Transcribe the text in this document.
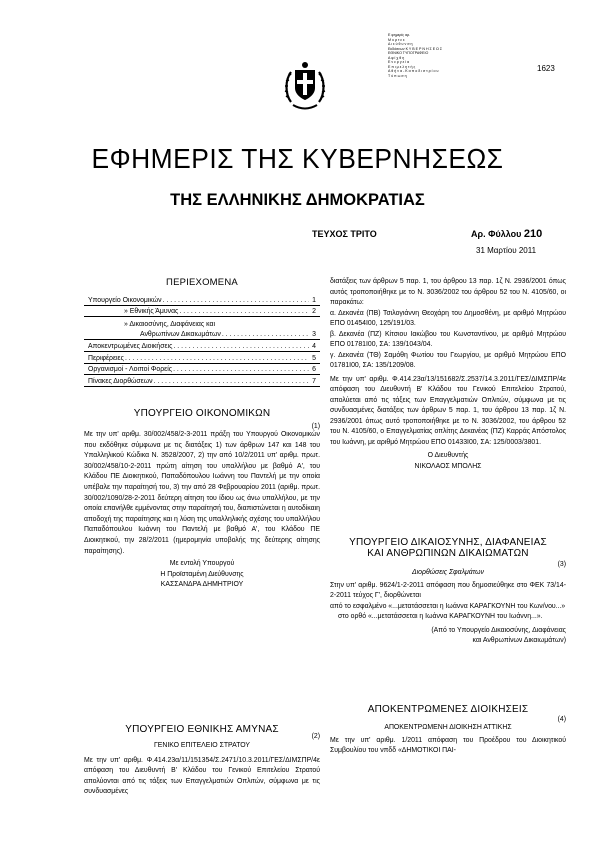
Ε φημερίς αρ.
Μ υ ρ τ ε ε
Δ ι ε ύ θ υ ν σ η
Εκδόσεων Κ Υ Β Ε Ρ Ν Η Σ Ε Ω Σ
ΕΘΝΙΚΟ ΤΥΠΟΓΡΑΦΕΙΟ
Α φ ί χ θ η
Ε ν ε ρ γ ε ί α
Ε π ι μ ε λ η τ ή ς
Α θ ή ν α - Κ α π ο δ ι σ τ ρ ί ο υ
Τ ύ π ω σ η
1623
ΕΦΗΜΕΡΙΣ ΤΗΣ ΚΥΒΕΡΝΗΣΕΩΣ
ΤΗΣ ΕΛΛΗΝΙΚΗΣ ΔΗΜΟΚΡΑΤΙΑΣ
ΤΕΥΧΟΣ ΤΡΙΤΟ	Αρ. Φύλλου 210
31 Μαρτίου 2011
ΠΕΡΙΕΧΟΜΕΝΑ
Υπουργείο Οικονομικών . . .	1
» Εθνικής Άμυνας . . .	2
» Δικαιοσύνης, Διαφάνειας και
Ανθρωπίνων Δικαιωμάτων . . .	3
Αποκεντρωμένες Διοικήσεις . . .	4
Περιφέρειες . . .	5
Οργανισμοί - Λοιποί Φορείς . . .	6
Πίνακες Διορθώσεων . . .	7
ΥΠΟΥΡΓΕΙΟ ΟΙΚΟΝΟΜΙΚΩΝ
(1)
Με την υπ' αριθμ. 30/002/458/2-3-2011 πράξη του Υπουργού Οικονομικών που εκδόθηκε σύμφωνα με τις διατάξεις 1) των άρθρων 147 και 148 του Υπαλληλικού Κώδικα Ν. 3528/2007, 2) την από 10/2/2011 υπ' αριθμ. πρωτ. 30/002/458/10-2-2011 πρώτη αίτηση του υπαλλήλου με βαθμό Α', του Κλάδου ΠΕ Διοικητικού, Παπαδόπουλου Ιωάννη του Παντελή με την οποία υπέβαλε την παραίτησή του, 3) την από 28 Φεβρουαρίου 2011 (αριθμ. πρωτ. 30/002/1090/28-2-2011 δεύτερη αίτηση του ίδιου ως άνω υπαλλήλου, με την οποία επανήλθε εμμένοντας στην παραίτησή του, διαπιστώνεται η αυτοδίκαιη αποδοχή της παραίτησης και η λύση της υπαλληλικής σχέσης του υπαλλήλου Παπαδόπουλου Ιωάννη του Παντελή με βαθμό Α', του Κλάδου ΠΕ Διοικητικού, την 28/2/2011 (ημερομηνία υποβολής της δεύτερης αίτησης παραίτησης).
Με εντολή Υπουργού
Η Προϊσταμένη Διεύθυνσης
ΚΑΣΣΑΝΔΡΑ ΔΗΜΗΤΡΙΟΥ
ΥΠΟΥΡΓΕΙΟ ΕΘΝΙΚΗΣ ΑΜΥΝΑΣ
(2)
ΓΕΝΙΚΟ ΕΠΙΤΕΛΕΙΟ ΣΤΡΑΤΟΥ
Με την υπ' αριθμ. Φ.414.23α/11/151354/Σ.2471/10.3.2011/ΓΕΣ/ΔΙΜΣΠΡ/4ε απόφαση του Διευθυντή Β' Κλάδου του Γενικού Επιτελείου Στρατού απολύονται από τις τάξεις των Επαγγελματιών Οπλιτών, σύμφωνα με τις συνδυασμένες
διατάξεις των άρθρων 5 παρ. 1, του άρθρου 13 παρ. 1ζ Ν. 2936/2001 όπως αυτός τροποποιήθηκε με το Ν. 3036/2002 του άρθρου 52 του Ν. 4105/60, οι παρακάτω:
α. Δεκανέα (ΠΒ) Τσιλογιάννη Θεοχάρη του Δημοσθένη, με αριθμό Μητρώου ΕΠΟ 01454Ι00, 125/191/03.
β. Δεκανέα (ΠΖ) Κίτσιου Ιακώβου του Κωνσταντίνου, με αριθμό Μητρώου ΕΠΟ 01781Ι00, ΣΑ: 139/1043/04.
γ. Δεκανέα (ΤΘ) Σαμόθη Φωτίου του Γεωργίου, με αριθμό Μητρώου ΕΠΟ 01781Ι00, ΣΑ: 135/1209/08.
Με την υπ' αριθμ. Φ.414.23α/13/151682/Σ.2537/14.3.2011/ΓΕΣ/ΔΙΜΣΠΡ/4ε απόφαση του Διευθυντή Β' Κλάδου του Γενικού Επιτελείου Στρατού, απολύεται από τις τάξεις των Επαγγελματιών Οπλιτών, σύμφωνα με τις συνδυασμένες διατάξεις των άρθρων 5 παρ. 1, του άρθρου 13 παρ. 1ζ Ν. 2936/2001 όπως αυτό τροποποιήθηκε με το Ν. 3036/2002, του άρθρου 52 του Ν. 4105/60, ο Επαγγελματίας οπλίτης Δεκανέας (ΠΖ) Καρράς Απόστολος του Ιωάννη, με αριθμό Μητρώου ΕΠΟ 01433Ι00, ΣΑ: 125/0003/3801.
Ο Διευθυντής
ΝΙΚΟΛΑΟΣ ΜΠΟΛΗΣ
ΥΠΟΥΡΓΕΙΟ ΔΙΚΑΙΟΣΥΝΗΣ, ΔΙΑΦΑΝΕΙΑΣ
ΚΑΙ ΑΝΘΡΩΠΙΝΩΝ ΔΙΚΑΙΩΜΑΤΩΝ
(3)
Διορθώσεις Σφαλμάτων
Στην υπ' αριθμ. 9624/1-2-2011 απόφαση που δημοσιεύθηκε στο ΦΕΚ 73/14-2-2011 τεύχος Γ', διορθώνεται
από το εσφαλμένο «...μετατάσσεται η Ιωάννα ΚΑΡΑΓΚΟΥΝΗ του Κων/νου...»
στο ορθό «...μετατάσσεται η Ιωάννα ΚΑΡΑΓΚΟΥΝΗ του Ιωάννη...».
(Από το Υπουργείο Δικαιοσύνης, Διαφάνειας
και Ανθρωπίνων Δικαιωμάτων)
ΑΠΟΚΕΝΤΡΩΜΕΝΕΣ ΔΙΟΙΚΗΣΕΙΣ
(4)
ΑΠΟΚΕΝΤΡΩΜΕΝΗ ΔΙΟΙΚΗΣΗ ΑΤΤΙΚΗΣ
Με την υπ' αριθμ. 1/2011 απόφαση του Προέδρου του Διοικητικού Συμβουλίου του νπδδ «ΔΗΜΟΤΙΚΟΙ ΠΑΙ-
